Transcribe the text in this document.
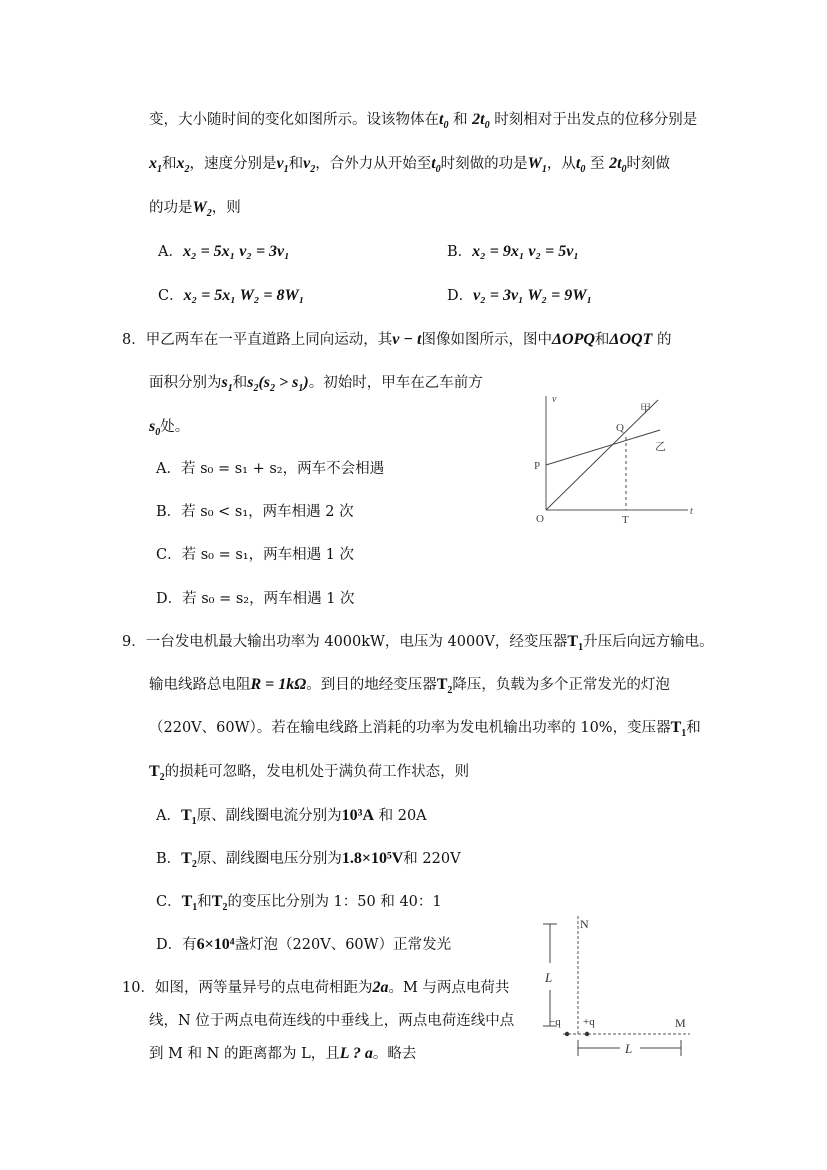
变，大小随时间的变化如图所示。设该物体在$t_0$ 和 $2t_0$ 时刻相对于出发点的位移分别是
$x_1$和$x_2$，速度分别是$v_1$和$v_2$，合外力从开始至$t_0$时刻做的功是$W_1$，从$t_0$ 至 $2t_0$时刻做
的功是$W_2$，则
A．x₂ = 5x₁ v₂ = 3v₁	B．x₂ = 9x₁ v₂ = 5v₁
C．x₂ = 5x₁ W₂ = 8W₁	D．v₂ = 3v₁ W₂ = 9W₁
8．甲乙两车在一平直道路上同向运动，其v − t图像如图所示，图中ΔOPQ和ΔOQT 的
面积分别为$s_1$和$s_2(s_2 > s_1)$。初始时，甲车在乙车前方
$s_0$处。
A．若 s₀ = s₁ + s₂，两车不会相遇
B．若 s₀ < s₁，两车相遇 2 次
C．若 s₀ = s₁，两车相遇 1 次
D．若 s₀ = s₂，两车相遇 1 次
v
t
O
P
Q
T
甲
乙
9．一台发电机最大输出功率为 4000kW，电压为 4000V，经变压器$T_1$升压后向远方输电。
输电线路总电阻R = 1kΩ。到目的地经变压器$T_2$降压，负载为多个正常发光的灯泡
（220V、60W）。若在输电线路上消耗的功率为发电机输出功率的 10%，变压器$T_1$和
$T_2$的损耗可忽略，发电机处于满负荷工作状态，则
A．$T_1$原、副线圈电流分别为10³A 和 20A
B．$T_2$原、副线圈电压分别为1.8×10⁵V和 220V
C．$T_1$和$T_2$的变压比分别为 1：50 和 40：1
D．有6×10⁴盏灯泡（220V、60W）正常发光
10．如图，两等量异号的点电荷相距为2a。M 与两点电荷共
线，N 位于两点电荷连线的中垂线上，两点电荷连线中点
到 M 和 N 的距离都为 L，且L ? a。略去
N
M
L
L
−q +q
